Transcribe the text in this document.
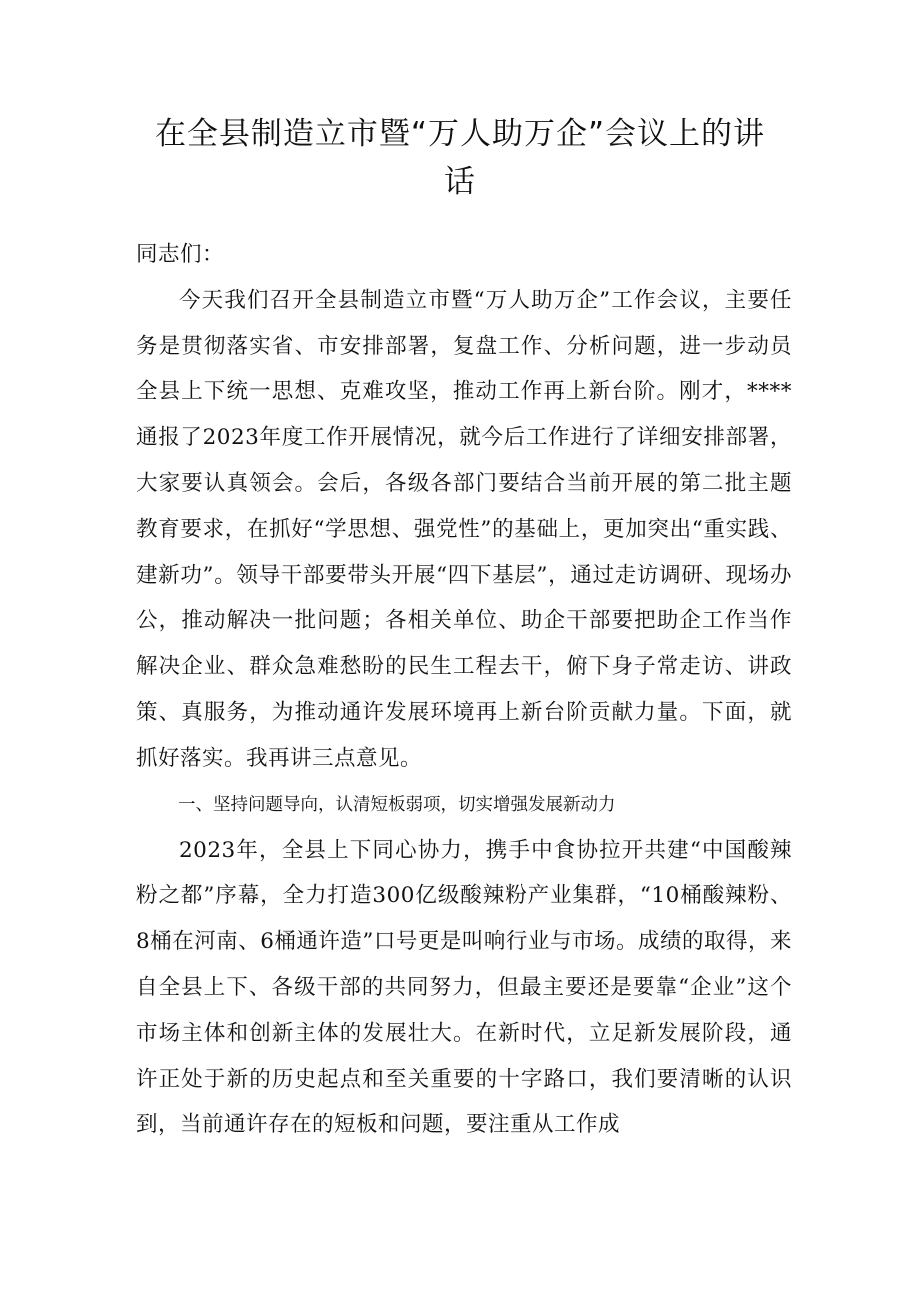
在全县制造立市暨“万人助万企”会议上的讲
话
同志们：
今天我们召开全县制造立市暨“万人助万企”工作会议，主要任务是贯彻落实省、市安排部署，复盘工作、分析问题，进一步动员全县上下统一思想、克难攻坚，推动工作再上新台阶。刚才，****通报了2023年度工作开展情况，就今后工作进行了详细安排部署，大家要认真领会。会后，各级各部门要结合当前开展的第二批主题教育要求，在抓好“学思想、强党性”的基础上，更加突出“重实践、建新功”。领导干部要带头开展“四下基层”，通过走访调研、现场办公，推动解决一批问题；各相关单位、助企干部要把助企工作当作解决企业、群众急难愁盼的民生工程去干，俯下身子常走访、讲政策、真服务，为推动通许发展环境再上新台阶贡献力量。下面，就抓好落实。我再讲三点意见。
一、坚持问题导向，认清短板弱项，切实增强发展新动力
2023年，全县上下同心协力，携手中食协拉开共建“中国酸辣粉之都”序幕，全力打造300亿级酸辣粉产业集群，“10桶酸辣粉、8桶在河南、6桶通许造”口号更是叫响行业与市场。成绩的取得，来自全县上下、各级干部的共同努力，但最主要还是要靠“企业”这个市场主体和创新主体的发展壮大。在新时代，立足新发展阶段，通许正处于新的历史起点和至关重要的十字路口，我们要清晰的认识到，当前通许存在的短板和问题，要注重从工作成
